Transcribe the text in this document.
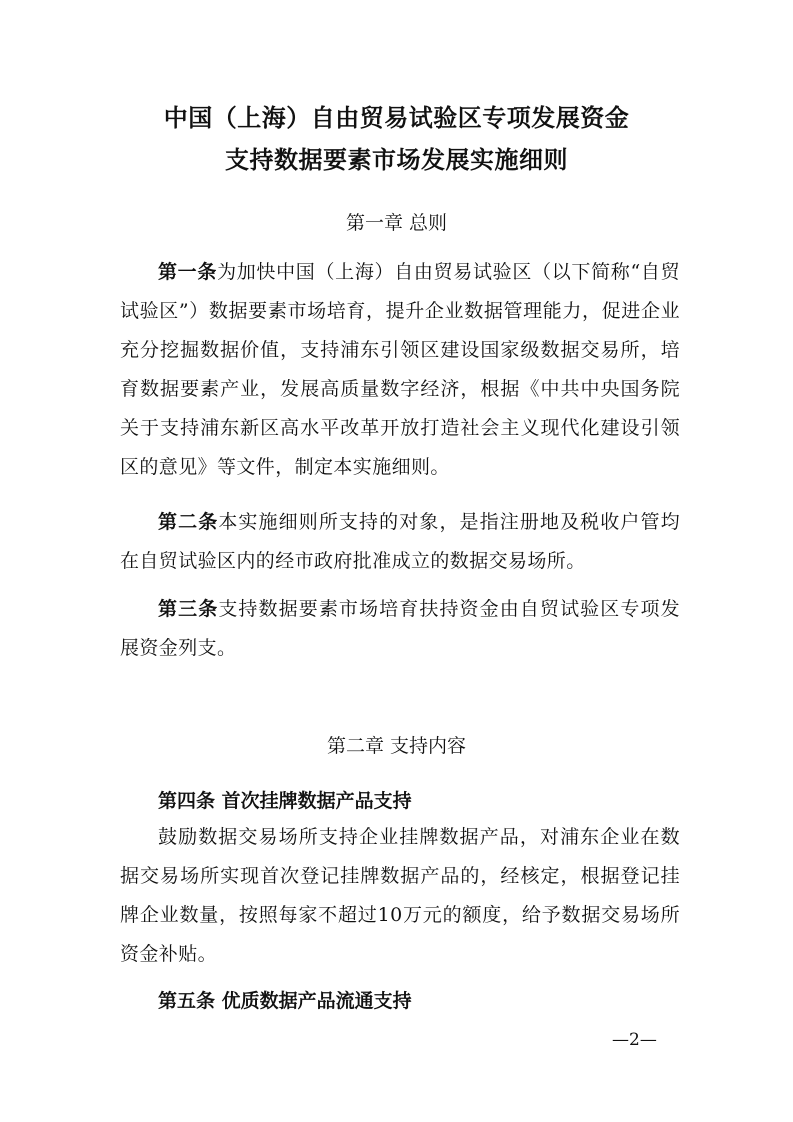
中国（上海）自由贸易试验区专项发展资金
支持数据要素市场发展实施细则
第一章 总则
第一条为加快中国（上海）自由贸易试验区（以下简称“自贸试验区”）数据要素市场培育，提升企业数据管理能力，促进企业充分挖掘数据价值，支持浦东引领区建设国家级数据交易所，培育数据要素产业，发展高质量数字经济，根据《中共中央国务院关于支持浦东新区高水平改革开放打造社会主义现代化建设引领区的意见》等文件，制定本实施细则。
第二条本实施细则所支持的对象，是指注册地及税收户管均在自贸试验区内的经市政府批准成立的数据交易场所。
第三条支持数据要素市场培育扶持资金由自贸试验区专项发展资金列支。
第二章 支持内容
第四条 首次挂牌数据产品支持
鼓励数据交易场所支持企业挂牌数据产品，对浦东企业在数据交易场所实现首次登记挂牌数据产品的，经核定，根据登记挂牌企业数量，按照每家不超过10万元的额度，给予数据交易场所资金补贴。
第五条 优质数据产品流通支持
—2—
